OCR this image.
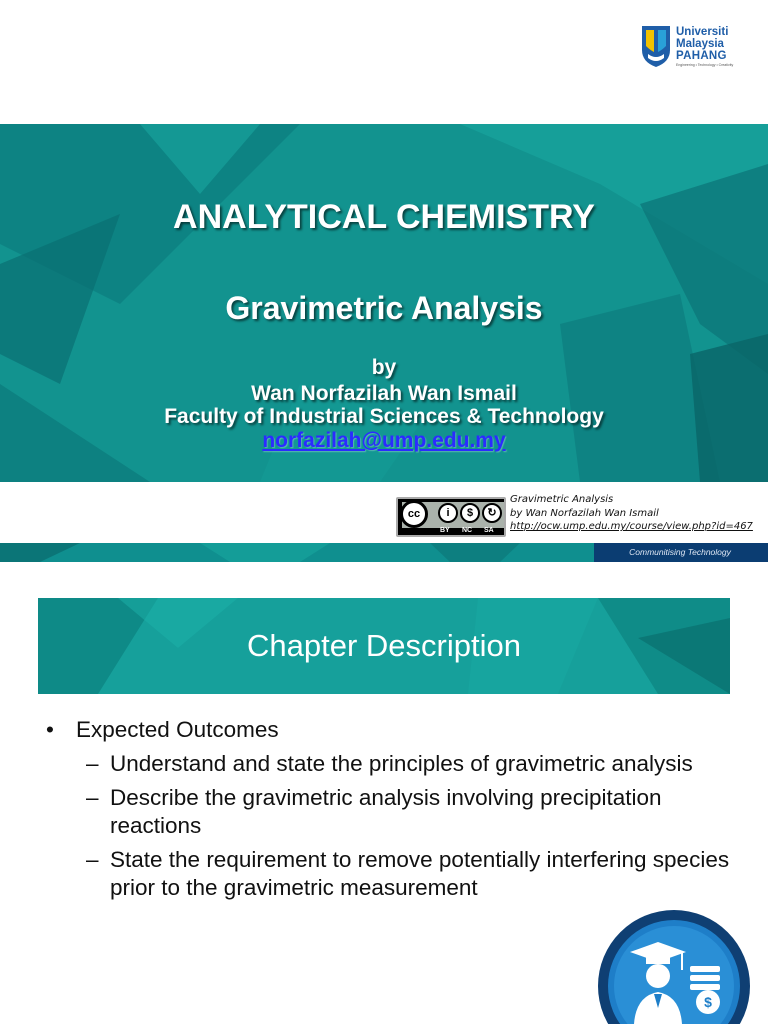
Universiti
Malaysia
PAHANG
Engineering • Technology • Creativity
ANALYTICAL CHEMISTRY
Gravimetric Analysis
by
Wan Norfazilah Wan Ismail
Faculty of Industrial Sciences & Technology
norfazilah@ump.edu.my
cc	i	$	↻
BY NC SA
Gravimetric Analysis
by Wan Norfazilah Wan Ismail
http://ocw.ump.edu.my/course/view.php?id=467
Communitising Technology
Chapter Description
• Expected Outcomes
– Understand and state the principles of gravimetric analysis
– Describe the gravimetric analysis involving precipitation reactions
– State the requirement to remove potentially interfering species prior to the gravimetric measurement
$
